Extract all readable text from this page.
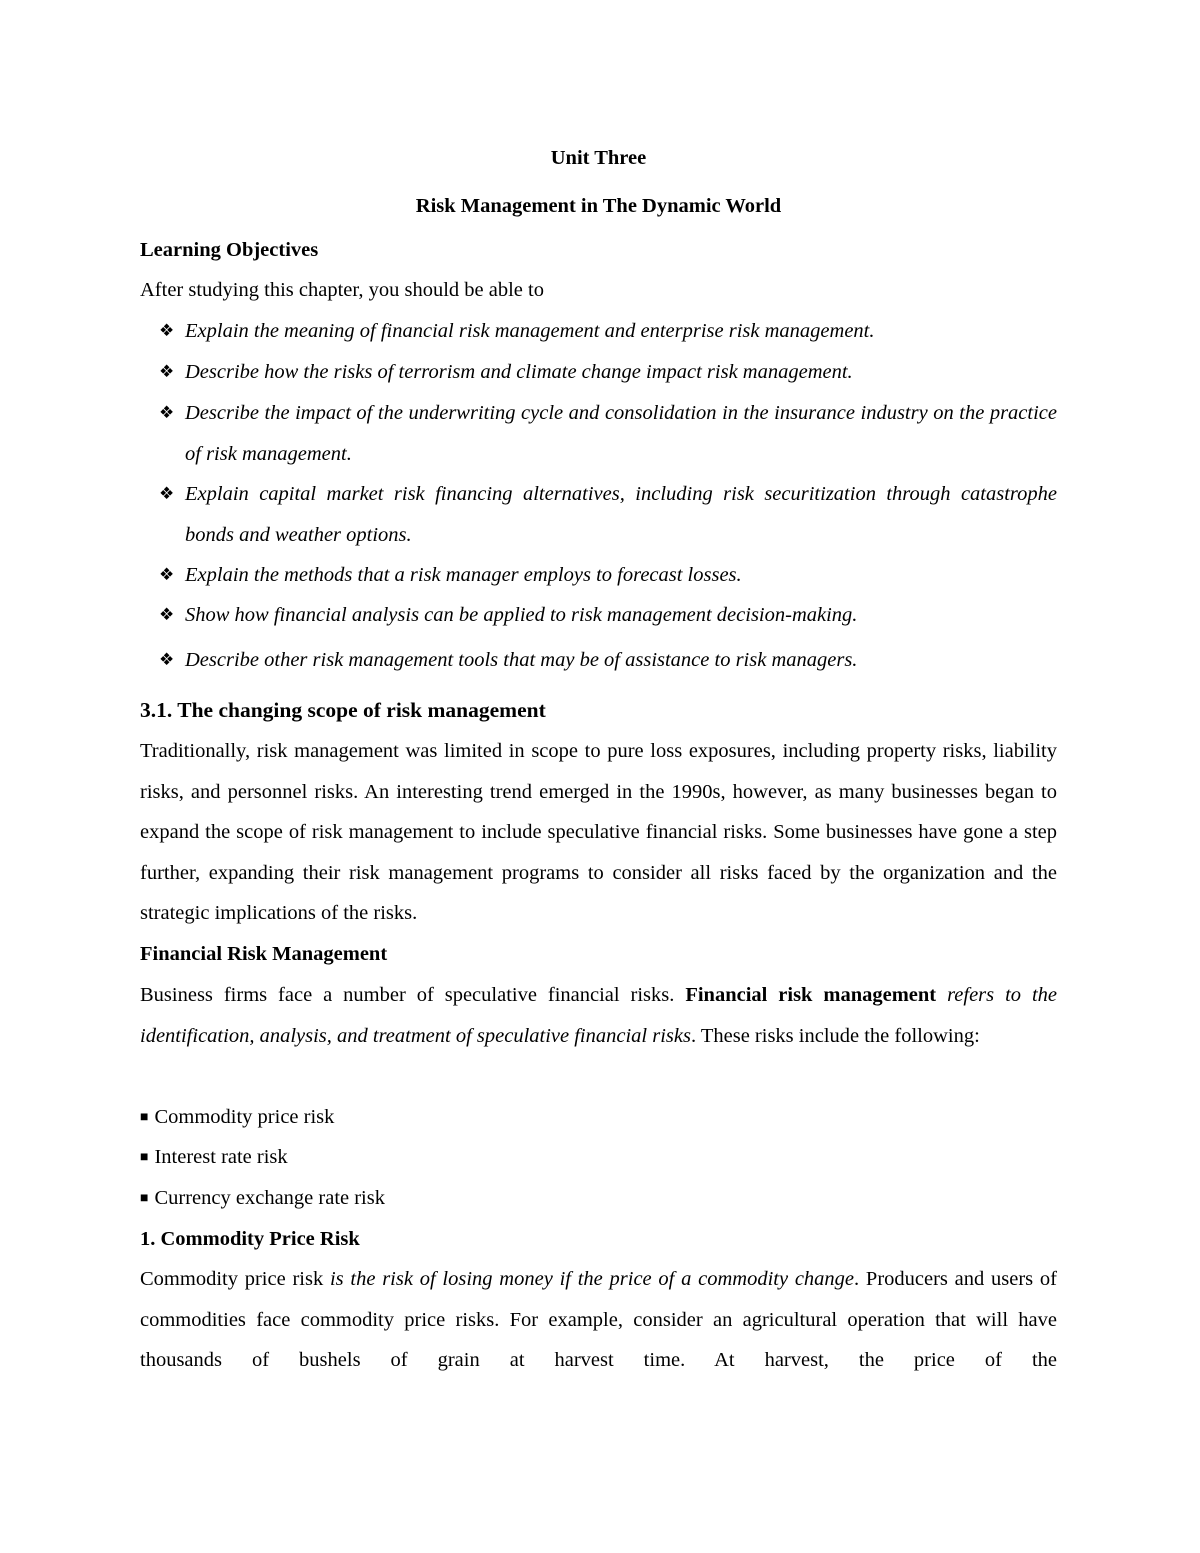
Unit Three
Risk Management in The Dynamic World
Learning Objectives
After studying this chapter, you should be able to
❖ Explain the meaning of financial risk management and enterprise risk management.
❖ Describe how the risks of terrorism and climate change impact risk management.
❖ Describe the impact of the underwriting cycle and consolidation in the insurance industry on the practice of risk management.
❖ Explain capital market risk financing alternatives, including risk securitization through catastrophe bonds and weather options.
❖ Explain the methods that a risk manager employs to forecast losses.
❖ Show how financial analysis can be applied to risk management decision-making.
❖ Describe other risk management tools that may be of assistance to risk managers.
3.1. The changing scope of risk management
Traditionally, risk management was limited in scope to pure loss exposures, including property risks, liability risks, and personnel risks. An interesting trend emerged in the 1990s, however, as many businesses began to expand the scope of risk management to include speculative financial risks. Some businesses have gone a step further, expanding their risk management programs to consider all risks faced by the organization and the strategic implications of the risks.
Financial Risk Management
Business firms face a number of speculative financial risks. Financial risk management refers to the identification, analysis, and treatment of speculative financial risks. These risks include the following:
■ Commodity price risk
■ Interest rate risk
■ Currency exchange rate risk
1. Commodity Price Risk
Commodity price risk is the risk of losing money if the price of a commodity change. Producers and users of commodities face commodity price risks. For example, consider an agricultural operation that will have thousands of bushels of grain at harvest time. At harvest, the price of the
